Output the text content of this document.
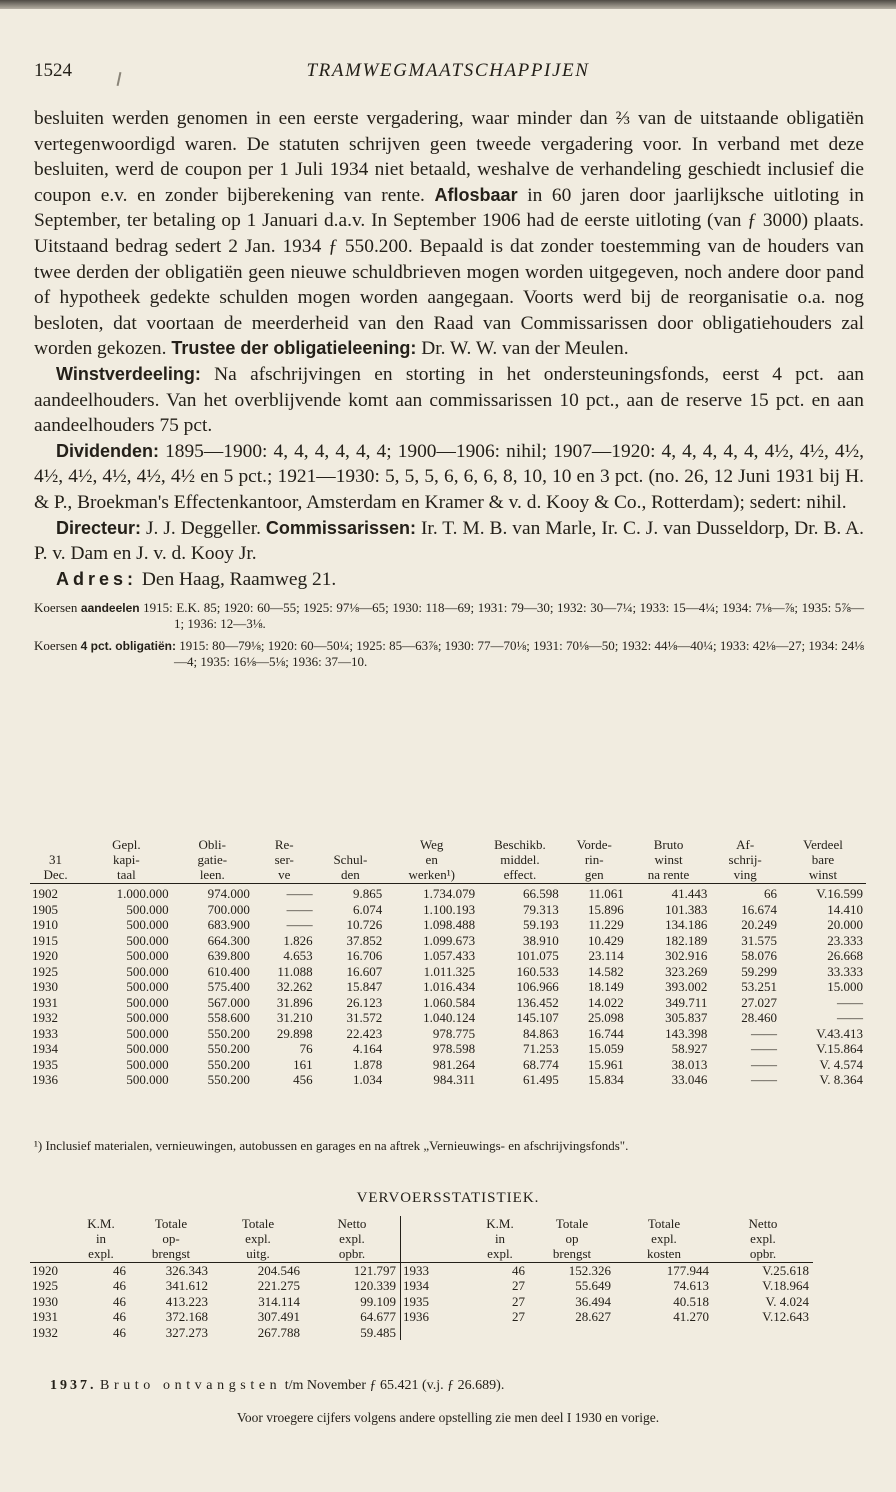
1524	TRAMWEGMAATSCHAPPIJEN

besluiten werden genomen in een eerste vergadering, waar minder dan ⅔ van de uitstaande obligatiën vertegenwoordigd waren. De statuten schrijven geen tweede vergadering voor. In verband met deze besluiten, werd de coupon per 1 Juli 1934 niet betaald, weshalve de verhandeling geschiedt inclusief die coupon e.v. en zonder bijberekening van rente. Aflosbaar in 60 jaren door jaarlijksche uitloting in September, ter betaling op 1 Januari d.a.v. In September 1906 had de eerste uitloting (van ƒ 3000) plaats. Uitstaand bedrag sedert 2 Jan. 1934 ƒ 550.200. Bepaald is dat zonder toestemming van de houders van twee derden der obligatiën geen nieuwe schuldbrieven mogen worden uitgegeven, noch andere door pand of hypotheek gedekte schulden mogen worden aangegaan. Voorts werd bij de reorganisatie o.a. nog besloten, dat voortaan de meerderheid van den Raad van Commissarissen door obligatiehouders zal worden gekozen. Trustee der obligatieleening: Dr. W. W. van der Meulen.

Winstverdeeling: Na afschrijvingen en storting in het ondersteuningsfonds, eerst 4 pct. aan aandeelhouders. Van het overblijvende komt aan commissarissen 10 pct., aan de reserve 15 pct. en aan aandeelhouders 75 pct.

Dividenden: 1895—1900: 4, 4, 4, 4, 4, 4; 1900—1906: nihil; 1907—1920: 4, 4, 4, 4, 4, 4½, 4½, 4½, 4½, 4½, 4½, 4½, 4½ en 5 pct.; 1921—1930: 5, 5, 5, 6, 6, 6, 8, 10, 10 en 3 pct. (no. 26, 12 Juni 1931 bij H. & P., Broekman's Effectenkantoor, Amsterdam en Kramer & v. d. Kooy & Co., Rotterdam); sedert: nihil.

Directeur: J. J. Deggeller. Commissarissen: Ir. T. M. B. van Marle, Ir. C. J. van Dusseldorp, Dr. B. A. P. v. Dam en J. v. d. Kooy Jr.

Adres: Den Haag, Raamweg 21.

Koersen aandeelen 1915: E.K. 85; 1920: 60—55; 1925: 97⅛—65; 1930: 118—69; 1931: 79—30; 1932: 30—7¼; 1933: 15—4¼; 1934: 7⅛—⅞; 1935: 5⅞—1; 1936: 12—3⅛.

Koersen 4 pct. obligatiën: 1915: 80—79⅛; 1920: 60—50¼; 1925: 85—63⅞; 1930: 77—70⅛; 1931: 70⅛—50; 1932: 44⅛—40¼; 1933: 42⅛—27; 1934: 24⅛—4; 1935: 16⅛—5⅛; 1936: 37—10.

	Gepl.	Obli-	Re-		Weg	Beschikb.	Vorde-	Bruto	Af-	Verdeel
31	kapi-	gatie-	ser-	Schul-	en	middel.	rin-	winst	schrij-	bare
Dec.	taal	leen.	ve	den	werken¹)	effect.	gen	na rente	ving	winst
1902	1.000.000	974.000	——	9.865	1.734.079	66.598	11.061	41.443	66	V.16.599
1905	500.000	700.000	——	6.074	1.100.193	79.313	15.896	101.383	16.674	14.410
1910	500.000	683.900	——	10.726	1.098.488	59.193	11.229	134.186	20.249	20.000
1915	500.000	664.300	1.826	37.852	1.099.673	38.910	10.429	182.189	31.575	23.333
1920	500.000	639.800	4.653	16.706	1.057.433	101.075	23.114	302.916	58.076	26.668
1925	500.000	610.400	11.088	16.607	1.011.325	160.533	14.582	323.269	59.299	33.333
1930	500.000	575.400	32.262	15.847	1.016.434	106.966	18.149	393.002	53.251	15.000
1931	500.000	567.000	31.896	26.123	1.060.584	136.452	14.022	349.711	27.027	——
1932	500.000	558.600	31.210	31.572	1.040.124	145.107	25.098	305.837	28.460	——
1933	500.000	550.200	29.898	22.423	978.775	84.863	16.744	143.398	——	V.43.413
1934	500.000	550.200	76	4.164	978.598	71.253	15.059	58.927	——	V.15.864
1935	500.000	550.200	161	1.878	981.264	68.774	15.961	38.013	——	V. 4.574
1936	500.000	550.200	456	1.034	984.311	61.495	15.834	33.046	——	V. 8.364
¹) Inclusief materialen, vernieuwingen, autobussen en garages en na aftrek „Vernieuwings- en afschrijvingsfonds".
VERVOERSSTATISTIEK.
	K.M.	Totale	Totale	Netto		K.M.	Totale	Totale	Netto
	in	op-	expl.	expl.		in	op	expl.	expl.
	expl.	brengst	uitg.	opbr.		expl.	brengst	kosten	opbr.
1920	46	326.343	204.546	121.797	1933	46	152.326	177.944	V.25.618
1925	46	341.612	221.275	120.339	1934	27	55.649	74.613	V.18.964
1930	46	413.223	314.114	99.109	1935	27	36.494	40.518	V. 4.024
1931	46	372.168	307.491	64.677	1936	27	28.627	41.270	V.12.643
1932	46	327.273	267.788	59.485					
1937. Bruto ontvangsten t/m November ƒ 65.421 (v.j. ƒ 26.689).
Voor vroegere cijfers volgens andere opstelling zie men deel I 1930 en vorige.
